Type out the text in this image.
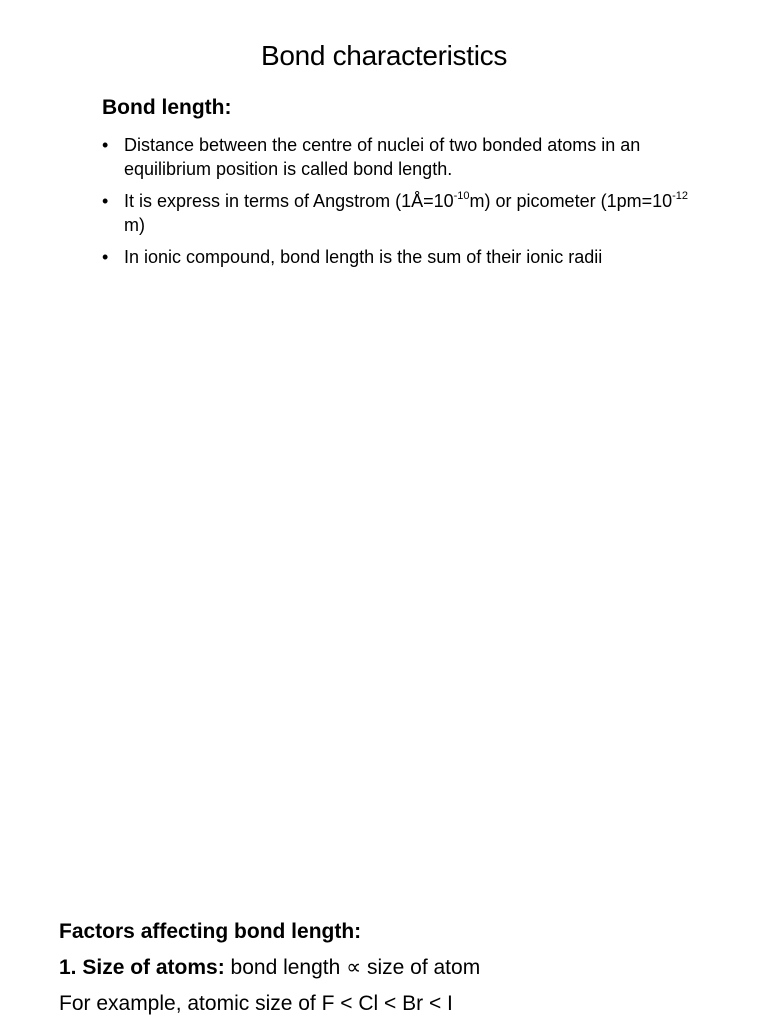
Bond characteristics
Bond length:
• Distance between the centre of nuclei of two bonded atoms in an equilibrium position is called bond length.
• It is express in terms of Angstrom $(1Å=10^{-10}m)$ or picometer ($1pm=10^{-12}$ m)
• In ionic compound, bond length is the sum of their ionic radii
Factors affecting bond length:
1. Size of atoms: bond length ∝ size of atom
For example, atomic size of F < Cl < Br < I
